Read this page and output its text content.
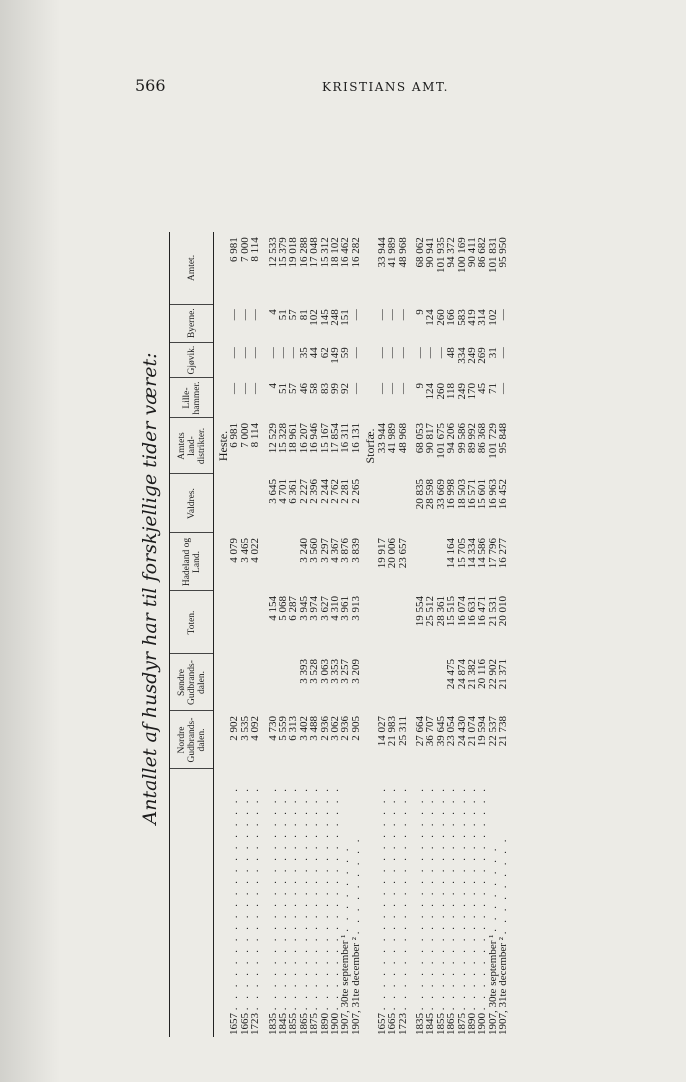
566	KRISTIANS AMT.
Antallet af husdyr har til forskjellige tider været:
		Nordre Gudbrands-dalen.	Søndre Gudbrands-dalen.	Toten.	Hadeland og Land.	Valdres.	Amtets land-distrikter.	Lille-hammer.	Gjøvik.	Byerne.	Amtet.
						Heste.				
1657 . . . . . . . . . . . . . . . . . . . .	2 902			4 079		6 981	—	—	—	6 981
1665 . . . . . . . . . . . . . . . . . . . .	3 535			3 465		7 000	—	—	—	7 000
1723 . . . . . . . . . . . . . . . . . . . .	4 092			4 022		8 114	—	—	—	8 114

1835 . . . . . . . . . . . . . . . . . . . .	4 730		4 154		3 645	12 529	4	—	4	12 533
1845 . . . . . . . . . . . . . . . . . . . .	5 559		5 068		4 701	15 328	51	—	51	15 379
1855 . . . . . . . . . . . . . . . . . . . .	6 313		6 287		6 361	18 961	57	—	57	19 018
1865 . . . . . . . . . . . . . . . . . . . .	3 402	3 393	3 945	3 240	2 227	16 207	46	35	81	16 288
1875 . . . . . . . . . . . . . . . . . . . .	3 488	3 528	3 974	3 560	2 396	16 946	58	44	102	17 048
1890 . . . . . . . . . . . . . . . . . . . .	2 936	3 063	3 627	3 297	2 244	15 167	83	62	145	15 312
1900 . . . . . . . . . . . . . . . . . . . .	3 062	3 353	4 310	4 367	2 762	17 854	99	149	248	18 102
1907, 30te september ¹ . . . . . . . .	2 936	3 257	3 961	3 876	2 281	16 311	92	59	151	16 462
1907, 31te december ² . . . . . . . . .	2 905	3 209	3 913	3 839	2 265	16 131	—	—	—	16 282
						Storfæ.				
1657 . . . . . . . . . . . . . . . . . . . .	14 027			19 917		33 944	—	—	—	33 944
1665 . . . . . . . . . . . . . . . . . . . .	21 983			20 006		41 989	—	—	—	41 989
1723 . . . . . . . . . . . . . . . . . . . .	25 311			23 657		48 968	—	—	—	48 968

1835 . . . . . . . . . . . . . . . . . . . .	27 664		19 554		20 835	68 053	9	—	9	68 062
1845 . . . . . . . . . . . . . . . . . . . .	36 707		25 512		28 598	90 817	124	—	124	90 941
1855 . . . . . . . . . . . . . . . . . . . .	39 645		28 361		33 669	101 675	260	—	260	101 935
1865 . . . . . . . . . . . . . . . . . . . .	23 054	24 475	15 515	14 164	16 998	94 206	118	48	166	94 372
1875 . . . . . . . . . . . . . . . . . . . .	24 430	24 874	16 074	15 705	18 503	99 586	249	334	583	100 169
1890 . . . . . . . . . . . . . . . . . . . .	21 074	21 382	16 631	14 334	16 571	89 992	170	249	419	90 411
1900 . . . . . . . . . . . . . . . . . . . .	19 594	20 116	16 471	14 586	15 601	86 368	45	269	314	86 682
1907, 30te september ¹ . . . . . . . .	22 537	22 902	21 531	17 796	16 963	101 729	71	31	102	101 831
1907, 31te december ² . . . . . . . . .	21 738	21 371	20 010	16 277	16 452	95 848	—	—	—	95 950
